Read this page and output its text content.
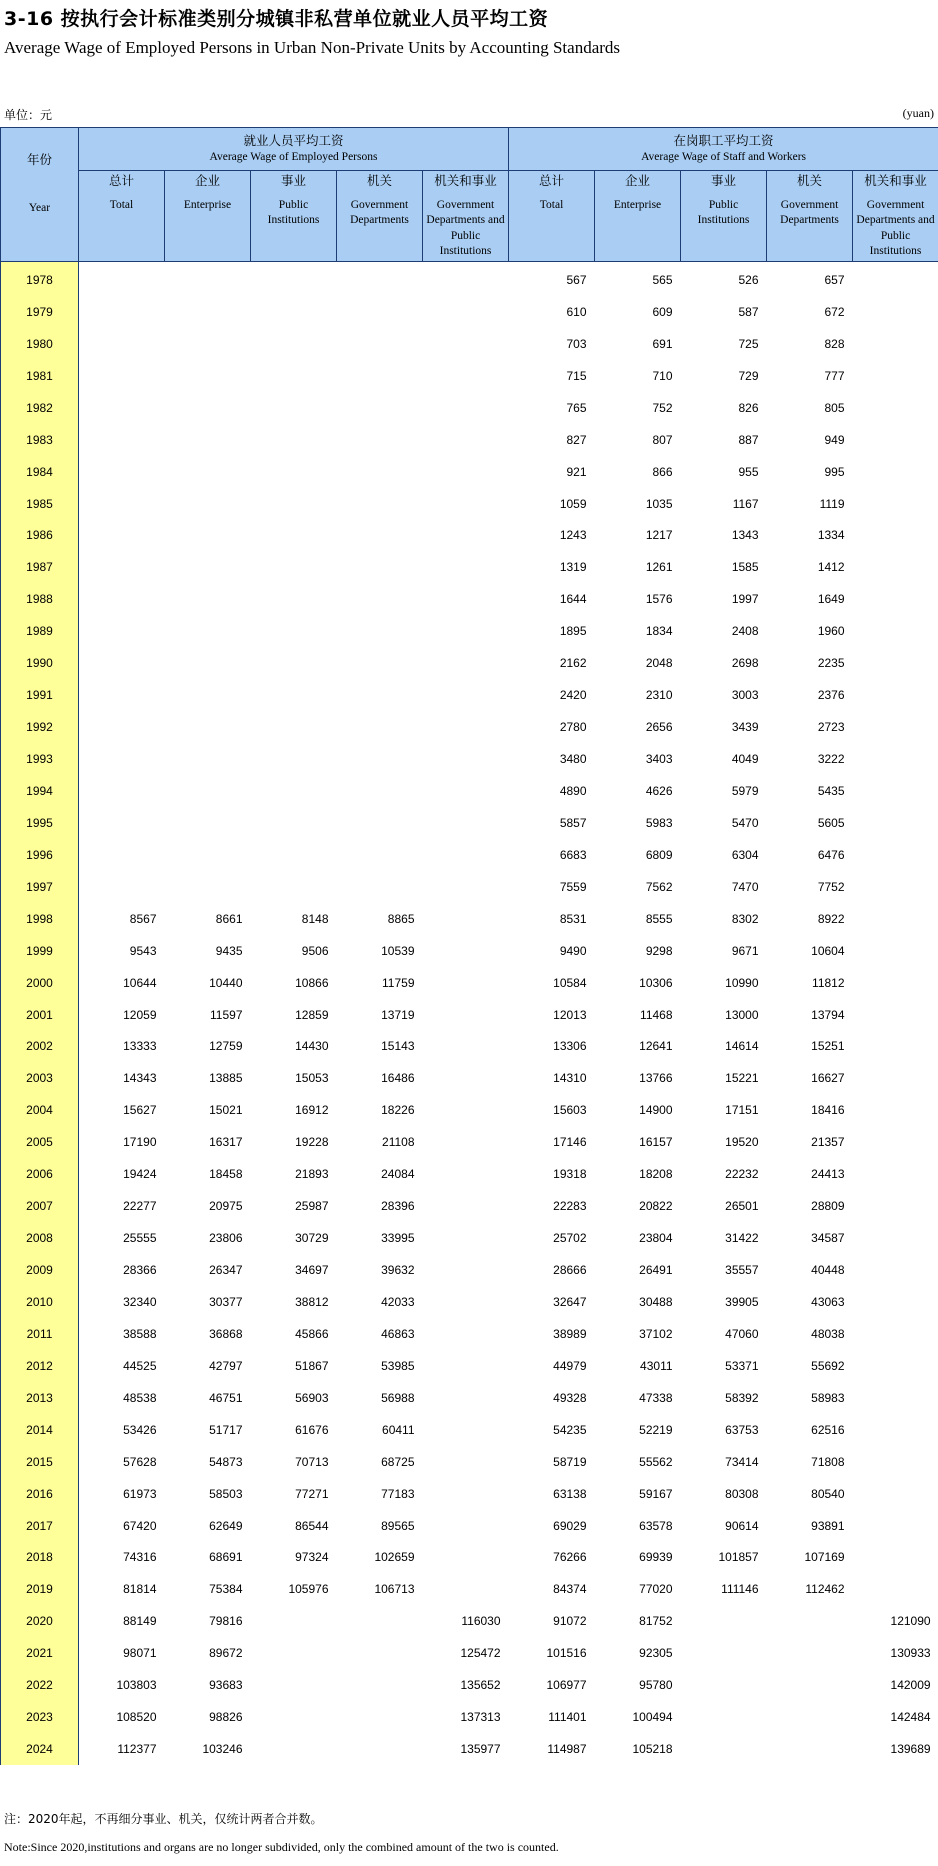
3-16 按执行会计标准类别分城镇非私营单位就业人员平均工资
Average Wage of Employed Persons in Urban Non-Private Units by Accounting Standards
单位：元	(yuan)
年份
Year	就业人员平均工资
Average Wage of Employed Persons					在岗职工平均工资
Average Wage of Staff and Workers				

	总计
Total	企业
Enterprise	事业
Public Institutions	机关
Government Departments	机关和事业
Government Departments and Public Institutions	总计
Total	企业
Enterprise	事业
Public Institutions	机关
Government Departments	机关和事业
Government Departments and Public Institutions

1978						567	565	526	657	
1979						610	609	587	672	
1980						703	691	725	828	
1981						715	710	729	777	
1982						765	752	826	805	
1983						827	807	887	949	
1984						921	866	955	995	
1985						1059	1035	1167	1119	
1986						1243	1217	1343	1334	
1987						1319	1261	1585	1412	
1988						1644	1576	1997	1649	
1989						1895	1834	2408	1960	
1990						2162	2048	2698	2235	
1991						2420	2310	3003	2376	
1992						2780	2656	3439	2723	
1993						3480	3403	4049	3222	
1994						4890	4626	5979	5435	
1995						5857	5983	5470	5605	
1996						6683	6809	6304	6476	
1997						7559	7562	7470	7752	
1998	8567	8661	8148	8865		8531	8555	8302	8922	
1999	9543	9435	9506	10539		9490	9298	9671	10604	
2000	10644	10440	10866	11759		10584	10306	10990	11812	
2001	12059	11597	12859	13719		12013	11468	13000	13794	
2002	13333	12759	14430	15143		13306	12641	14614	15251	
2003	14343	13885	15053	16486		14310	13766	15221	16627	
2004	15627	15021	16912	18226		15603	14900	17151	18416	
2005	17190	16317	19228	21108		17146	16157	19520	21357	
2006	19424	18458	21893	24084		19318	18208	22232	24413	
2007	22277	20975	25987	28396		22283	20822	26501	28809	
2008	25555	23806	30729	33995		25702	23804	31422	34587	
2009	28366	26347	34697	39632		28666	26491	35557	40448	
2010	32340	30377	38812	42033		32647	30488	39905	43063	
2011	38588	36868	45866	46863		38989	37102	47060	48038	
2012	44525	42797	51867	53985		44979	43011	53371	55692	
2013	48538	46751	56903	56988		49328	47338	58392	58983	
2014	53426	51717	61676	60411		54235	52219	63753	62516	
2015	57628	54873	70713	68725		58719	55562	73414	71808	
2016	61973	58503	77271	77183		63138	59167	80308	80540	
2017	67420	62649	86544	89565		69029	63578	90614	93891	
2018	74316	68691	97324	102659		76266	69939	101857	107169	
2019	81814	75384	105976	106713		84374	77020	111146	112462	
2020	88149	79816			116030	91072	81752			121090
2021	98071	89672			125472	101516	92305			130933
2022	103803	93683			135652	106977	95780			142009
2023	108520	98826			137313	111401	100494			142484
2024	112377	103246			135977	114987	105218			139689
注：2020年起，不再细分事业、机关，仅统计两者合并数。
Note:Since 2020,institutions and organs are no longer subdivided, only the combined amount of the two is counted.
